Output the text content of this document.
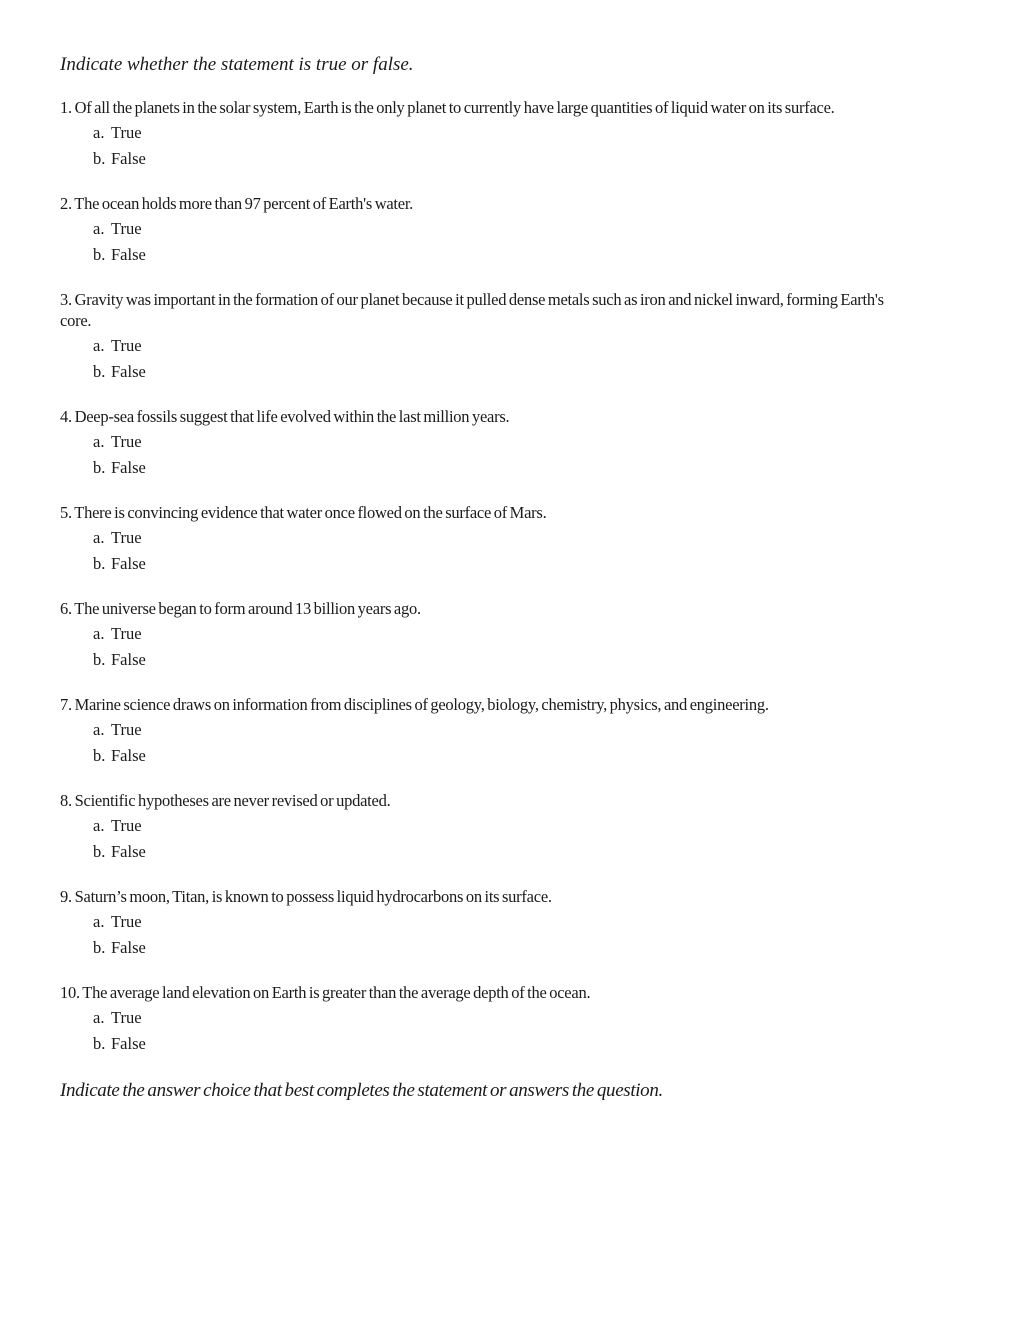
Indicate whether the statement is true or false.

1. Of all the planets in the solar system, Earth is the only planet to currently have large quantities of liquid water on its surface.

a. True
b. False

2. The ocean holds more than 97 percent of Earth's water.

a. True
b. False

3. Gravity was important in the formation of our planet because it pulled dense metals such as iron and nickel inward, forming Earth's core.

a. True
b. False

4. Deep-sea fossils suggest that life evolved within the last million years.

a. True
b. False

5. There is convincing evidence that water once flowed on the surface of Mars.

a. True
b. False

6. The universe began to form around 13 billion years ago.

a. True
b. False

7. Marine science draws on information from disciplines of geology, biology, chemistry, physics, and engineering.

a. True
b. False

8. Scientific hypotheses are never revised or updated.

a. True
b. False

9. Saturn’s moon, Titan, is known to possess liquid hydrocarbons on its surface.

a. True
b. False

10. The average land elevation on Earth is greater than the average depth of the ocean.

a. True
b. False

Indicate the answer choice that best completes the statement or answers the question.
